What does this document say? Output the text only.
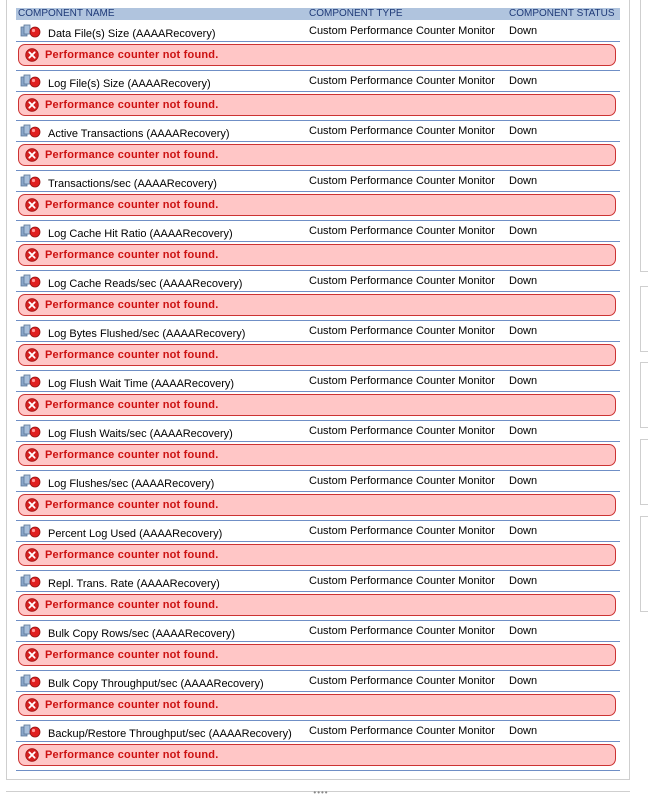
COMPONENT NAME	COMPONENT TYPE	COMPONENT STATUS
Data File(s) Size (AAAARecovery)	Custom Performance Counter Monitor Down
Performance counter not found.
Log File(s) Size (AAAARecovery)	Custom Performance Counter Monitor Down
Performance counter not found.
Active Transactions (AAAARecovery)	Custom Performance Counter Monitor Down
Performance counter not found.
Transactions/sec (AAAARecovery)	Custom Performance Counter Monitor Down
Performance counter not found.
Log Cache Hit Ratio (AAAARecovery)	Custom Performance Counter Monitor Down
Performance counter not found.
Log Cache Reads/sec (AAAARecovery)	Custom Performance Counter Monitor Down
Performance counter not found.
Log Bytes Flushed/sec (AAAARecovery)	Custom Performance Counter Monitor Down
Performance counter not found.
Log Flush Wait Time (AAAARecovery)	Custom Performance Counter Monitor Down
Performance counter not found.
Log Flush Waits/sec (AAAARecovery)	Custom Performance Counter Monitor Down
Performance counter not found.
Log Flushes/sec (AAAARecovery)	Custom Performance Counter Monitor Down
Performance counter not found.
Percent Log Used (AAAARecovery)	Custom Performance Counter Monitor Down
Performance counter not found.
Repl. Trans. Rate (AAAARecovery)	Custom Performance Counter Monitor Down
Performance counter not found.
Bulk Copy Rows/sec (AAAARecovery)	Custom Performance Counter Monitor Down
Performance counter not found.
Bulk Copy Throughput/sec (AAAARecovery)	Custom Performance Counter Monitor Down
Performance counter not found.
Backup/Restore Throughput/sec (AAAARecovery) Custom Performance Counter Monitor Down
Performance counter not found.
••••
